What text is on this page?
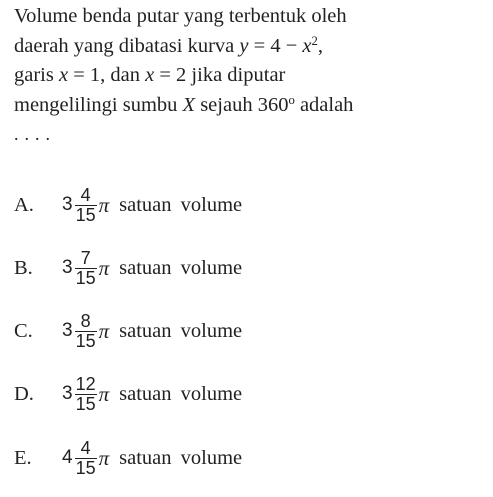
Volume benda putar yang terbentuk oleh
daerah yang dibatasi kurva $y = 4 - x^2$,
garis x = 1, dan x = 2 jika diputar
mengelilingi sumbu X sejauh 360$^o$ adalah
....
A.	$3 \frac{4}{15}$ π satuan volume
B.	$3 \frac{7}{15}$ π satuan volume
C.	$3 \frac{8}{15}$ π satuan volume
D.	$3 \frac{12}{15}$ π satuan volume
E.	$4 \frac{4}{15}$ π satuan volume
